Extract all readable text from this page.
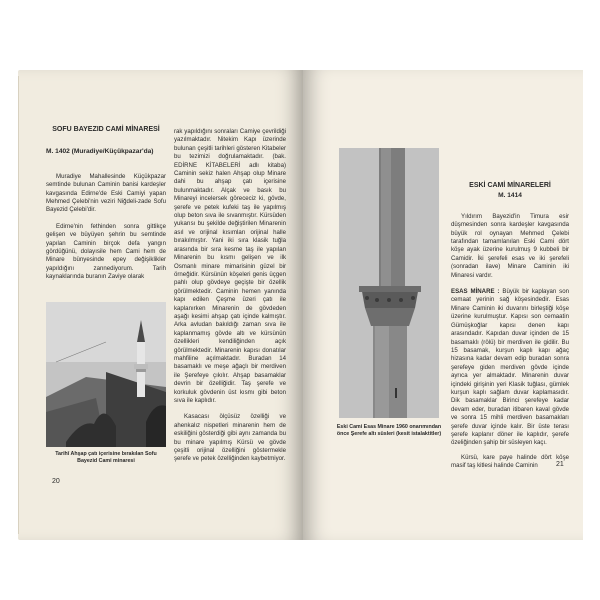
SOFU BAYEZID CAMİ MİNARESİ

M. 1402 (Muradiye/Küçükpazar'da)

Muradiye Mahallesinde Küçükpazar semtinde bulunan Caminin banisi kardeşler kavgasında Edirne'de Eski Camiyi yapan Mehmed Çelebi'nin veziri Niğdeli-zade Sofu Bayezid Çelebi'dir.

Edirne'nin fethinden sonra gittikçe gelişen ve büyüyen şehrin bu semtinde yapılan Caminin birçok defa yangın gördüğünü, dolayısile hem Cami hem de Minare bünyesinde epey değişiklikler yapıldığını zannediyorum. Tarih kaynaklarında buranın Zaviye olarak

Tarihî Ahşap çatı içerisine bırakılan Sofu Bayezid Cami minaresi

rak yapıldığını sonraları Camiye çevrildiği yazılmaktadır. Nitekim Kapı üzerinde bulunan çeşitli tarihleri gösteren Kitabeler bu tezimizi doğrulamaktadır. (bak. EDİRNE KİTABELERİ adlı kitaba) Caminin sekiz halen Ahşap olup Minare dahi bu ahşap çatı içerisine bulunmaktadır. Alçak ve basık bu Minareyi incelersek görececiz ki, gövde, şerefe ve petek kufeki taş ile yapılmış olup beton sıva ile sıvanmıştır. Kürsüden yukarısı bu şekilde değiştirilen Minarenin asıl ve orijinal kısımları orijinal halle bırakılmıştır. Yani iki sıra klasik tuğla arasında bir sıra kesme taş ile yapılan Minarenin bu kısmı gelişen ve ilk Osmanlı minare mimarisinin güzel bir örneğidir. Kürsünün köşeleri genis üçgen pahlı olup gövdeye geçişte bir özellik görülmektedir. Caminin hemen yanında kapı edilen Çeşme üzeri çatı ile kaplanırken Minarenin de gövdeden aşağı kesimi ahşap çatı içinde kalmıştır. Arka avludan bakıldığı zaman sıva ile kaplanmamış gövde altı ve kürsünün özellikleri kendiliğinden açık görülmektedir. Minarenin kapısı donatılar mahfiline açılmaktadır. Buradan 14 basamaklı ve meşe ağaçlı bir merdiven ile Şerefeye çıkılır. Ahşap basamaklar devrin bir özelliğidir. Taş şerefe ve korkuluk gövdenin üst kısmı gibi beton sıva ile kaplıdır.

Kasacası ölçüsüz özelliği ve ahenkalız nispetleri minarenin hem de eskiliğini gösterdiği gibi aynı zamanda bu bu minare yapılmış Kürsü ve gövde çeşitli orijinal özelliğini göstermekle şerefe ve petek özelliğinden kaybetmiyor.

20
Eski Cami Esas Minare 1960 onarımından önce Şerefe altı süsleri (kesit istalaktitler)

ESKİ CAMİ MİNARELERİ

M. 1414

Yıldırım Bayezid'in Timura esir düşmesinden sonra kardeşler kavgasında büyük rol oynayan Mehmed Çelebi tarafından tamamlanılan Eski Cami dört köşe ayak üzerine kurulmuş 9 kubbeli bir Camidir. İki şerefeli esas ve iki şerefeli (sonradan ilave) Minare Caminin iki Minaresi vardır.

ESAS MİNARE : Büyük bir kaplayan son cemaat yerinin sağ köşesindedir. Esas Minare Caminin iki duvarını birleştiği köşe üzerine kurulmuştur. Kapısı son cemaatin Gümüşkoğlar kapısı denen kapı arasındadır. Kapıdan duvar içinden de 15 basamaklı (rölü) bir merdiven ile gidilir. Bu 15 basamak, kurşun kaplı kapı ağaç hizasına kadar devam edip buradan sonra şerefeye giden merdiven gövde içinde ayrıca yer almaktadır. Minarenin duvar içindeki girişinin yeri Klasik tuğlası, gümlek kurşun kaplı sağlam duvar kaplamasıdır. Dik basamaklar Birinci şerefeye kadar devam eder, buradan itibaren kaval gövde ve sonra 15 mihli merdiven basamakları şerefe duvar içinde kalır. Bir üste terası şerefe kaplanır döner ile kaplıdır, şerefe özeliğinden şahip bir süsleyen kaçı.

Kürsü, kare paye halinde dört köşe masif taş kitlesi halinde Caminin	21
